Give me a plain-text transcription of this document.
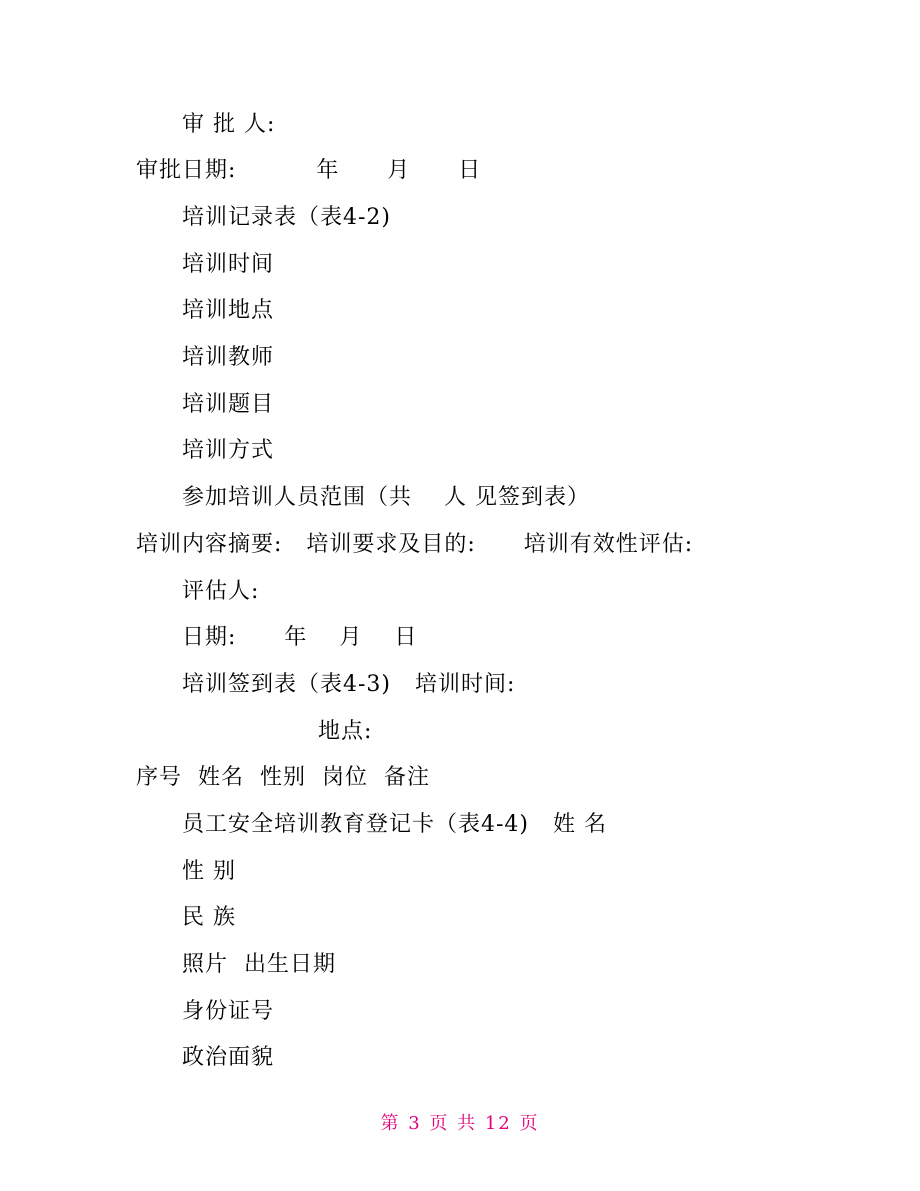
审 批 人:
审批日期:          年      月      日
培训记录表（表4-2)
培训时间
培训地点
培训教师
培训题目
培训方式
参加培训人员范围（共    人 见签到表）
培训内容摘要:   培训要求及目的:      培训有效性评估:
评估人:
日期:      年    月    日
培训签到表（表4-3)   培训时间:
地点:
序号  姓名  性别  岗位  备注
员工安全培训教育登记卡（表4-4)   姓 名
性 别
民 族
照片  出生日期
身份证号
政治面貌
第 3 页 共 12 页
